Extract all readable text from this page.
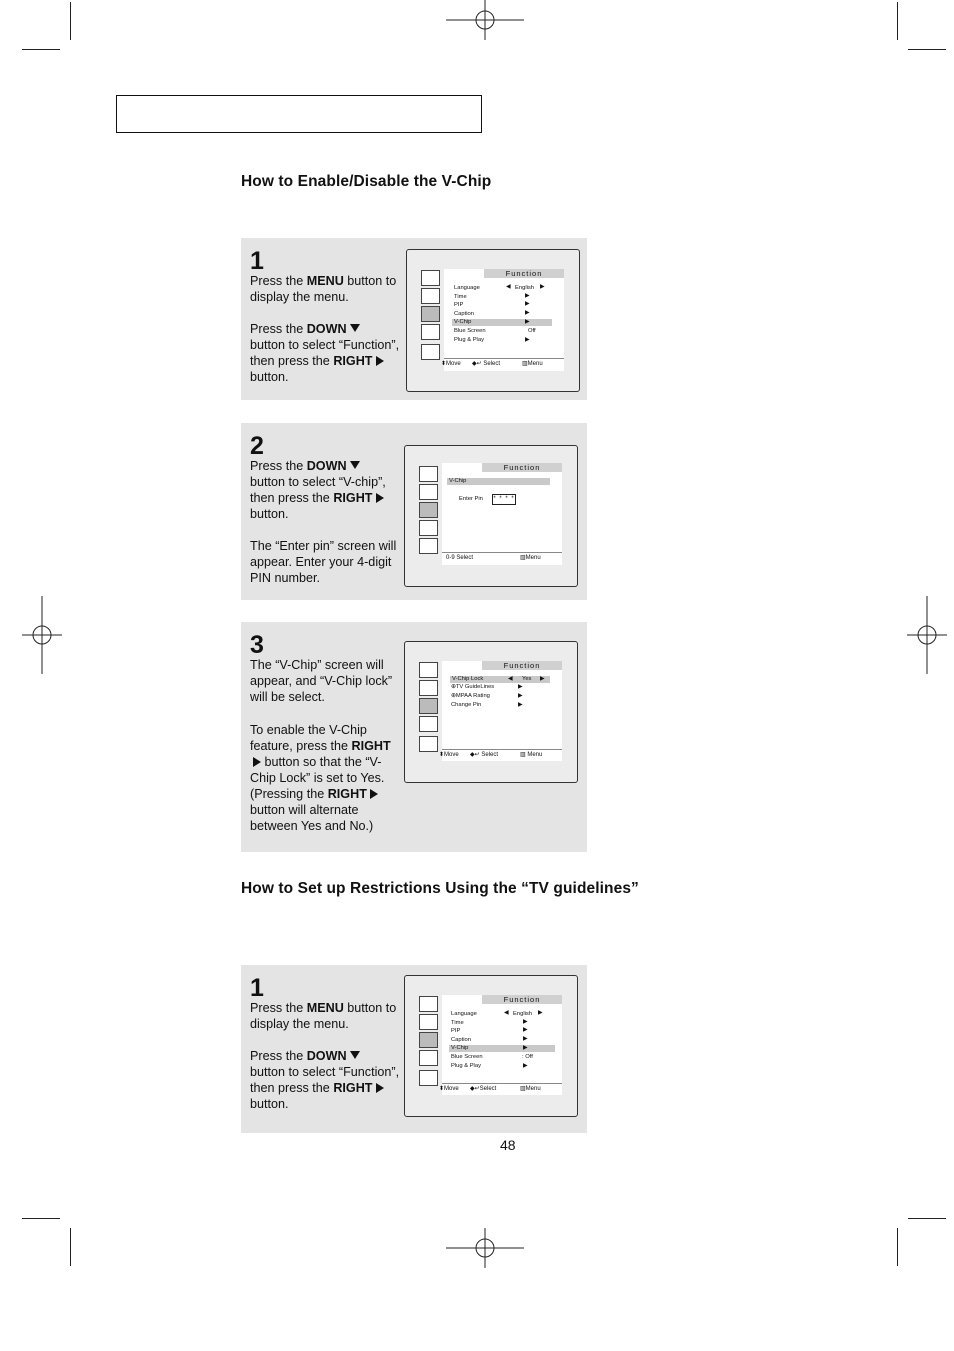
How to Enable/Disable the V-Chip
1

Press the MENU button to display the menu.

Press the DOWN
button to select “Function”, then press the RIGHT button.

Function
Language	◀ English ▶
Time	▶
PIP	▶
Caption	▶
V-Chip	▶
Blue Screen	Off
Plug & Play	▶
⬍Move ◆↵ Select	▥Menu
2

Press the DOWN
button to select “V-chip”, then press the RIGHT button.

The “Enter pin” screen will appear. Enter your 4-digit PIN number.

Function
V-Chip
Enter Pin * * * *
0-9 Select	▥Menu
3

The “V-Chip” screen will appear, and “V-Chip lock” will be select.

To enable the V-Chip feature, press the RIGHT button so that the “V-Chip Lock” is set to Yes.

(Pressing the RIGHT
button will alternate between Yes and No.)

Function
V-Chip Lock	◀ Yes ▶
⊕TV GuideLines	▶
⊕MPAA Rating	▶
Change Pin	▶
⬍Move ◆↵ Select	▥ Menu
How to Set up Restrictions Using the “TV guidelines”
1

Press the MENU button to display the menu.

Press the DOWN
button to select “Function”, then press the RIGHT button.

Function
Language	◀ English ▶
Time	▶
PIP	▶
Caption	▶
V-Chip	▶
Blue Screen	: Off
Plug & Play	▶
⬍Move ◆↵Select	▥Menu
48
